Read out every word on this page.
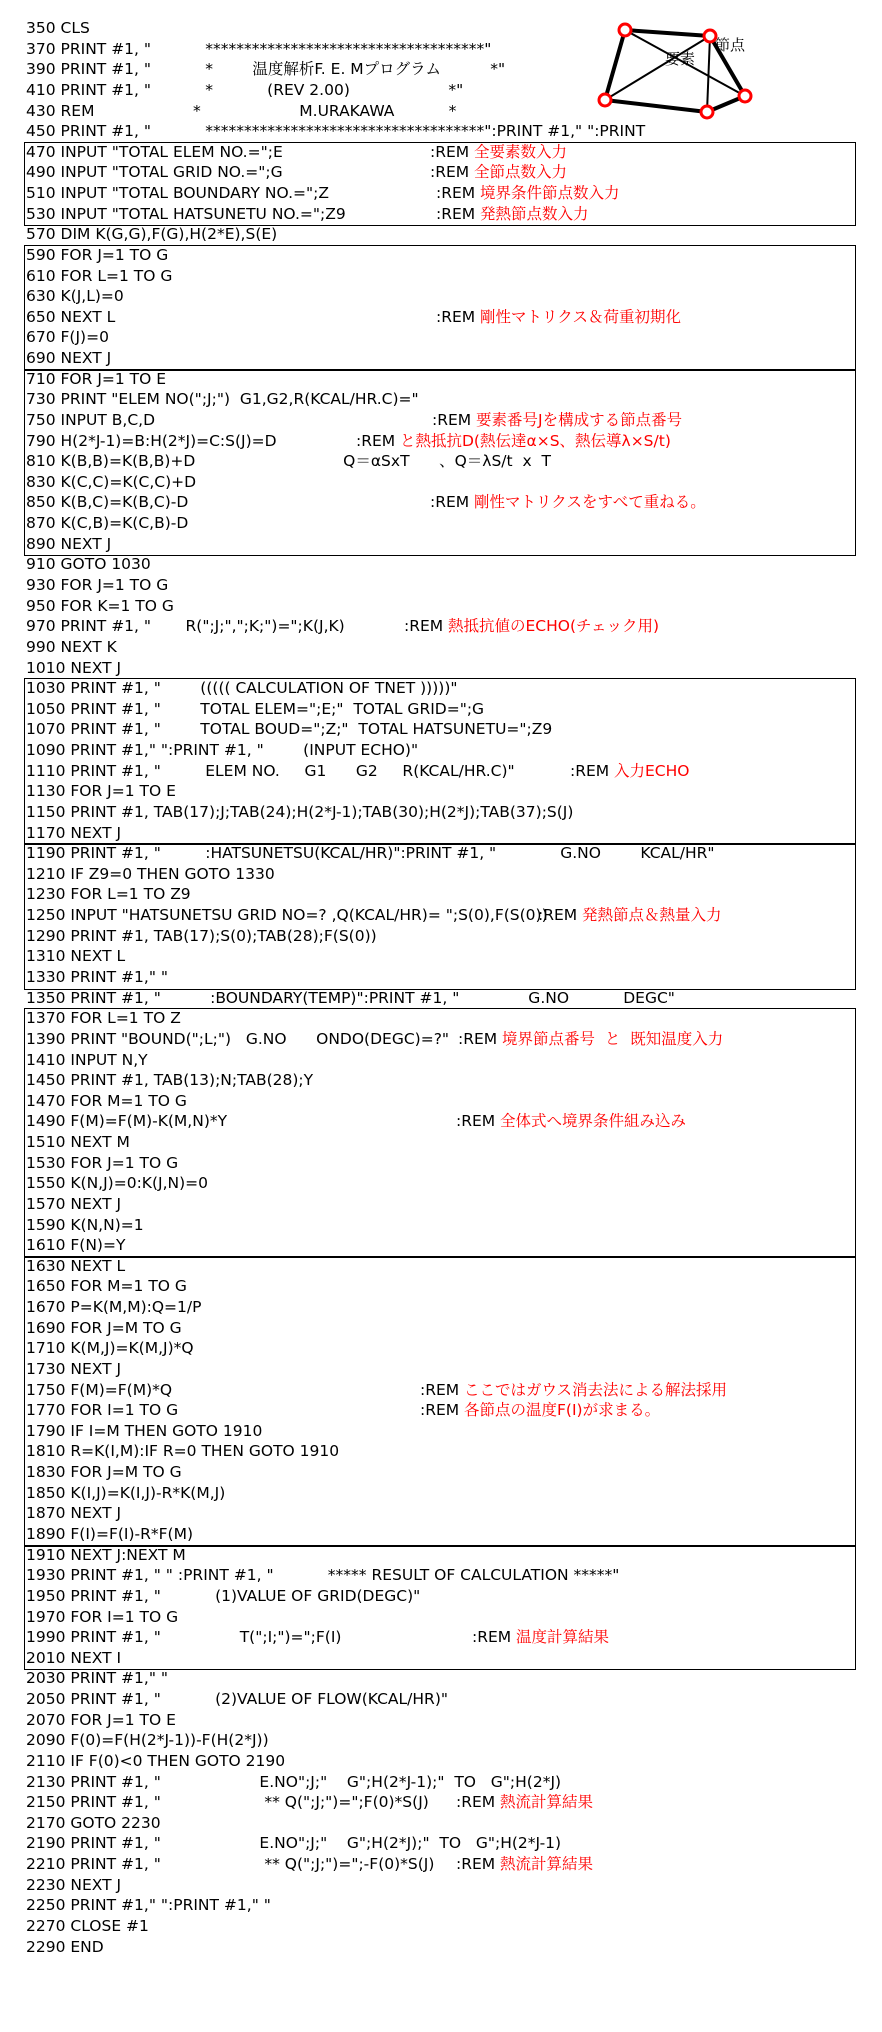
350 CLS
370 PRINT #1, "           ************************************"
390 PRINT #1, "           *        温度解析F. E. Mプログラム          *"
410 PRINT #1, "           *           (REV 2.00)                    *"
430 REM                    *                    M.URAKAWA           *
450 PRINT #1, "           ************************************":PRINT #1," ":PRINT
470 INPUT "TOTAL ELEM NO.=";E	:REM 全要素数入力
490 INPUT "TOTAL GRID NO.=";G	:REM 全節点数入力
510 INPUT "TOTAL BOUNDARY NO.=";Z	:REM 境界条件節点数入力
530 INPUT "TOTAL HATSUNETU NO.=";Z9	:REM 発熱節点数入力
570 DIM K(G,G),F(G),H(2*E),S(E)
590 FOR J=1 TO G
610 FOR L=1 TO G
630 K(J,L)=0
650 NEXT L	:REM 剛性マトリクス＆荷重初期化
670 F(J)=0
690 NEXT J
710 FOR J=1 TO E
730 PRINT "ELEM NO(";J;")  G1,G2,R(KCAL/HR.C)="
750 INPUT B,C,D	:REM 要素番号Jを構成する節点番号
790 H(2*J-1)=B:H(2*J)=C:S(J)=D	:REM と熱抵抗D(熱伝達α×S、熱伝導λ×S/t)
810 K(B,B)=K(B,B)+D                              Q＝αSxT      、Q＝λS/t  x  T
830 K(C,C)=K(C,C)+D
850 K(B,C)=K(B,C)-D	:REM 剛性マトリクスをすべて重ねる。
870 K(C,B)=K(C,B)-D
890 NEXT J
910 GOTO 1030
930 FOR J=1 TO G
950 FOR K=1 TO G
970 PRINT #1, "       R(";J;",";K;")=";K(J,K)	:REM 熱抵抗値のECHO(チェック用)
990 NEXT K
1010 NEXT J
1030 PRINT #1, "        ((((( CALCULATION OF TNET )))))"
1050 PRINT #1, "        TOTAL ELEM=";E;"  TOTAL GRID=";G
1070 PRINT #1, "        TOTAL BOUD=";Z;"  TOTAL HATSUNETU=";Z9
1090 PRINT #1," ":PRINT #1, "        (INPUT ECHO)"
1110 PRINT #1, "         ELEM NO.     G1      G2     R(KCAL/HR.C)"	:REM 入力ECHO
1130 FOR J=1 TO E
1150 PRINT #1, TAB(17);J;TAB(24);H(2*J-1);TAB(30);H(2*J);TAB(37);S(J)
1170 NEXT J
1190 PRINT #1, "         :HATSUNETSU(KCAL/HR)":PRINT #1, "             G.NO        KCAL/HR"
1210 IF Z9=0 THEN GOTO 1330
1230 FOR L=1 TO Z9
1250 INPUT "HATSUNETSU GRID NO=? ,Q(KCAL/HR)= ";S(0),F(S(0))
:REM 発熱節点＆熱量入力
1290 PRINT #1, TAB(17);S(0);TAB(28);F(S(0))
1310 NEXT L
1330 PRINT #1," "
1350 PRINT #1, "          :BOUNDARY(TEMP)":PRINT #1, "              G.NO           DEGC"
1370 FOR L=1 TO Z
1390 PRINT "BOUND(";L;")   G.NO      ONDO(DEGC)=?" :REM 境界節点番号  と  既知温度入力
1410 INPUT N,Y
1450 PRINT #1, TAB(13);N;TAB(28);Y
1470 FOR M=1 TO G
1490 F(M)=F(M)-K(M,N)*Y	:REM 全体式へ境界条件組み込み
1510 NEXT M
1530 FOR J=1 TO G
1550 K(N,J)=0:K(J,N)=0
1570 NEXT J
1590 K(N,N)=1
1610 F(N)=Y
1630 NEXT L
1650 FOR M=1 TO G
1670 P=K(M,M):Q=1/P
1690 FOR J=M TO G
1710 K(M,J)=K(M,J)*Q
1730 NEXT J
1750 F(M)=F(M)*Q	:REM ここではガウス消去法による解法採用
1770 FOR I=1 TO G	:REM 各節点の温度F(I)が求まる。
1790 IF I=M THEN GOTO 1910
1810 R=K(I,M):IF R=0 THEN GOTO 1910
1830 FOR J=M TO G
1850 K(I,J)=K(I,J)-R*K(M,J)
1870 NEXT J
1890 F(I)=F(I)-R*F(M)
1910 NEXT J:NEXT M
1930 PRINT #1, " " :PRINT #1, "           ***** RESULT OF CALCULATION *****"
1950 PRINT #1, "           (1)VALUE OF GRID(DEGC)"
1970 FOR I=1 TO G
1990 PRINT #1, "                T(";I;")=";F(I)	:REM 温度計算結果
2010 NEXT I
2030 PRINT #1," "
2050 PRINT #1, "           (2)VALUE OF FLOW(KCAL/HR)"
2070 FOR J=1 TO E
2090 F(0)=F(H(2*J-1))-F(H(2*J))
2110 IF F(0)<0 THEN GOTO 2190
2130 PRINT #1, "                    E.NO";J;"    G";H(2*J-1);"  TO   G";H(2*J)
2150 PRINT #1, "                     ** Q(";J;")=";F(0)*S(J) :REM 熱流計算結果
2170 GOTO 2230
2190 PRINT #1, "                    E.NO";J;"    G";H(2*J);"  TO   G";H(2*J-1)
2210 PRINT #1, "                     ** Q(";J;")=";-F(0)*S(J) :REM 熱流計算結果
2230 NEXT J
2250 PRINT #1," ":PRINT #1," "
2270 CLOSE #1
2290 END
節点
要素
